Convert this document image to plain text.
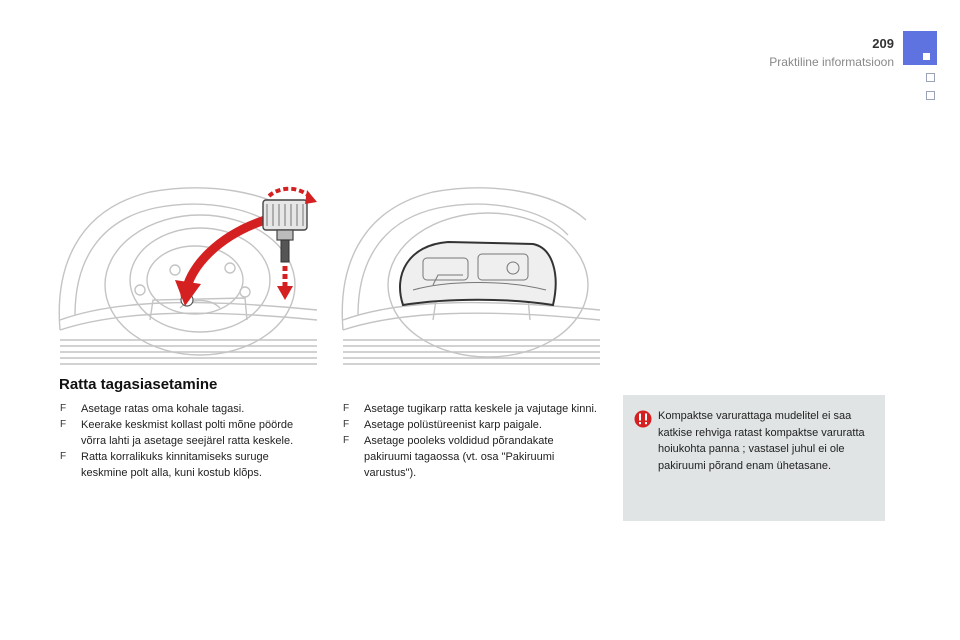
209
Praktiline informatsioon
Ratta tagasiasetamine
F Asetage ratas oma kohale tagasi.
F Keerake keskmist kollast polti mõne pöörde võrra lahti ja asetage seejärel ratta keskele.
F Ratta korralikuks kinnitamiseks suruge keskmine polt alla, kuni kostub klõps.
F Asetage tugikarp ratta keskele ja vajutage kinni.
F Asetage polüstüreenist karp paigale.
F Asetage pooleks voldidud põrandakate pakiruumi tagaossa (vt. osa "Pakiruumi varustus").
Kompaktse varurattaga mudelitel ei saa katkise rehviga ratast kompaktse varuratta hoiukohta panna ; vastasel juhul ei ole pakiruumi põrand enam ühetasane.
